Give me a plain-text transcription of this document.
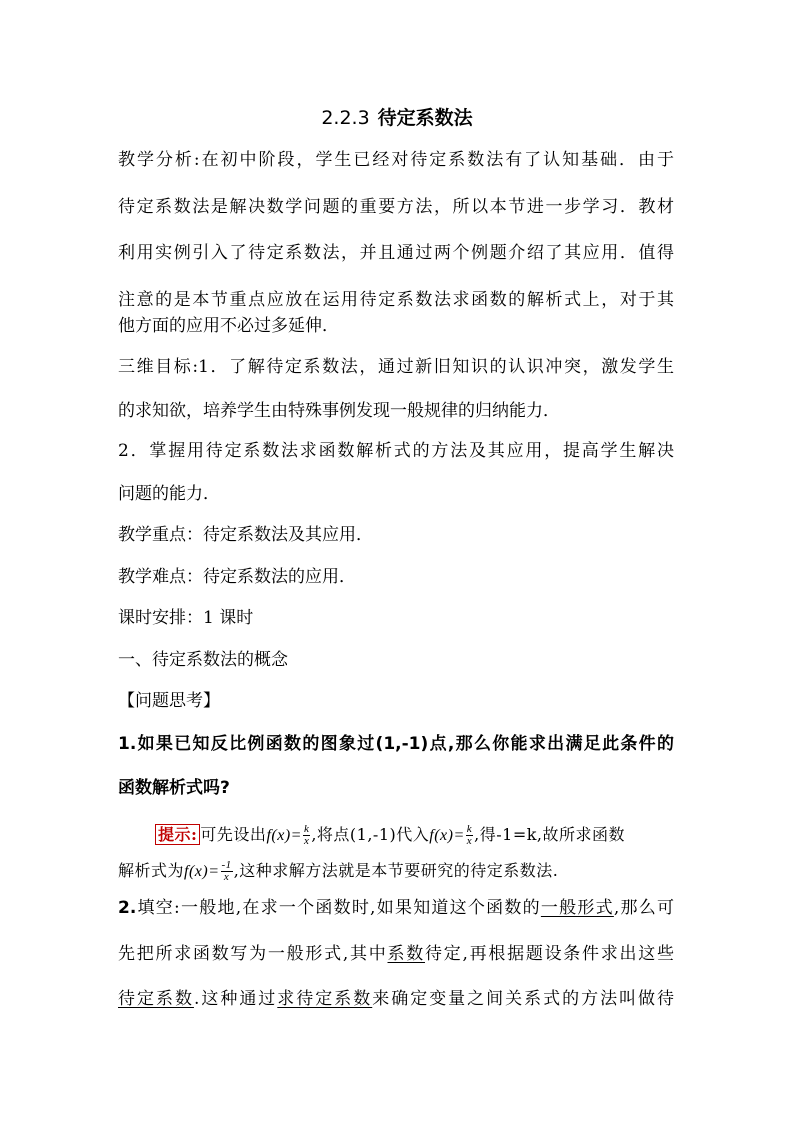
2.2.3 待定系数法
教学分析:在初中阶段，学生已经对待定系数法有了认知基础．由于
待定系数法是解决数学问题的重要方法，所以本节进一步学习．教材
利用实例引入了待定系数法，并且通过两个例题介绍了其应用．值得
注意的是本节重点应放在运用待定系数法求函数的解析式上，对于其
他方面的应用不必过多延伸．
三维目标:1．了解待定系数法，通过新旧知识的认识冲突，激发学生
的求知欲，培养学生由特殊事例发现一般规律的归纳能力．
2．掌握用待定系数法求函数解析式的方法及其应用，提高学生解决
问题的能力．
教学重点：待定系数法及其应用．
教学难点：待定系数法的应用．
课时安排：1 课时
一、待定系数法的概念
【问题思考】
1.如果已知反比例函数的图象过(1,-1)点,那么你能求出满足此条件的
函数解析式吗?
提示: 可先设出$f(x)= \frac{k}{x}$ ,将点(1,-1)代入$f(x)= \frac{k}{x}$ ,得-1=k,故所求函数
解析式为$f(x)= \frac{-1}{x}$ ,这种求解方法就是本节要研究的待定系数法.
2.填空:一般地,在求一个函数时,如果知道这个函数的一般形式,那么可
先把所求函数写为一般形式,其中系数待定,再根据题设条件求出这些
待定系数.这种通过求待定系数来确定变量之间关系式的方法叫做待
